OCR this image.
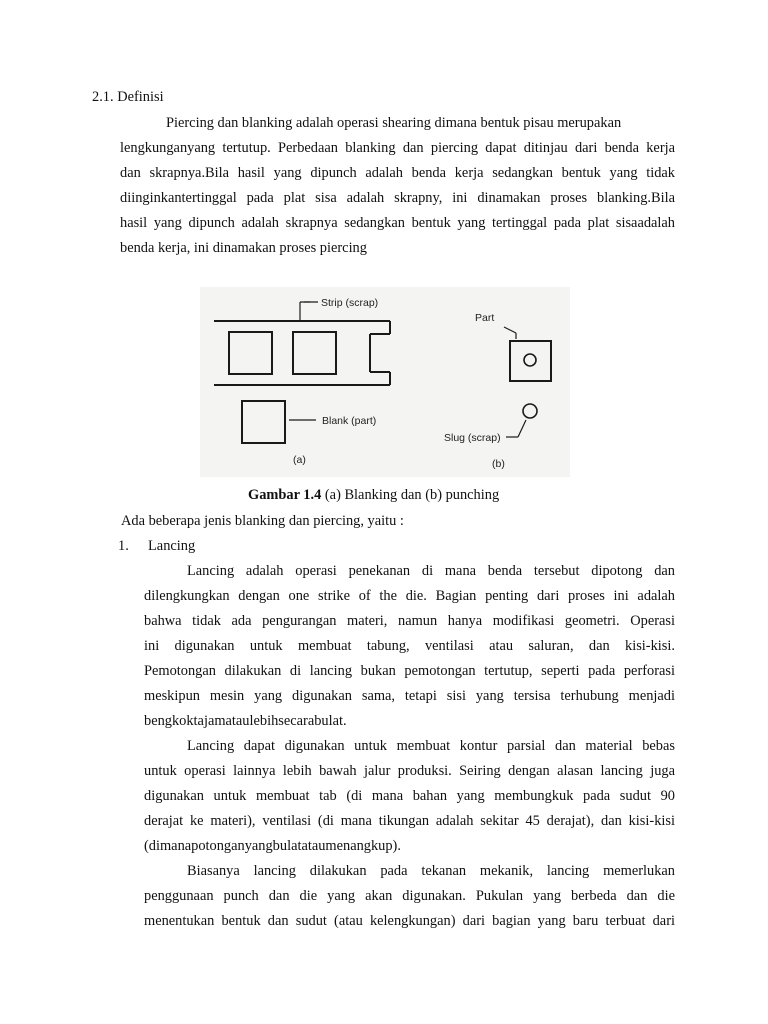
2.1. Definisi
Piercing dan blanking adalah operasi shearing dimana bentuk pisau merupakan
lengkunganyang tertutup. Perbedaan blanking dan piercing dapat ditinjau dari benda kerja
dan skrapnya.Bila hasil yang dipunch adalah benda kerja sedangkan bentuk yang tidak
diinginkantertinggal pada plat sisa adalah skrapny, ini dinamakan proses blanking.Bila
hasil yang dipunch adalah skrapnya sedangkan bentuk yang tertinggal pada plat sisaadalah
benda kerja, ini dinamakan proses piercing
Strip (scrap)
Blank (part)
(a)
Part
Slug (scrap)
(b)
Gambar 1.4 (a) Blanking dan (b) punching
Ada beberapa jenis blanking dan piercing, yaitu :
1. Lancing
Lancing adalah operasi penekanan di mana benda tersebut dipotong dan
dilengkungkan dengan one strike of the die. Bagian penting dari proses ini adalah
bahwa tidak ada pengurangan materi, namun hanya modifikasi geometri. Operasi
ini digunakan untuk membuat tabung, ventilasi atau saluran, dan kisi-kisi.
Pemotongan dilakukan di lancing bukan pemotongan tertutup, seperti pada perforasi
meskipun mesin yang digunakan sama, tetapi sisi yang tersisa terhubung menjadi
bengkoktajamataulebihsecarabulat.
Lancing dapat digunakan untuk membuat kontur parsial dan material bebas
untuk operasi lainnya lebih bawah jalur produksi. Seiring dengan alasan lancing juga
digunakan untuk membuat tab (di mana bahan yang membungkuk pada sudut 90
derajat ke materi), ventilasi (di mana tikungan adalah sekitar 45 derajat), dan kisi-kisi
(dimanapotonganyangbulatataumenangkup).
Biasanya lancing dilakukan pada tekanan mekanik, lancing memerlukan
penggunaan punch dan die yang akan digunakan. Pukulan yang berbeda dan die
menentukan bentuk dan sudut (atau kelengkungan) dari bagian yang baru terbuat dari
